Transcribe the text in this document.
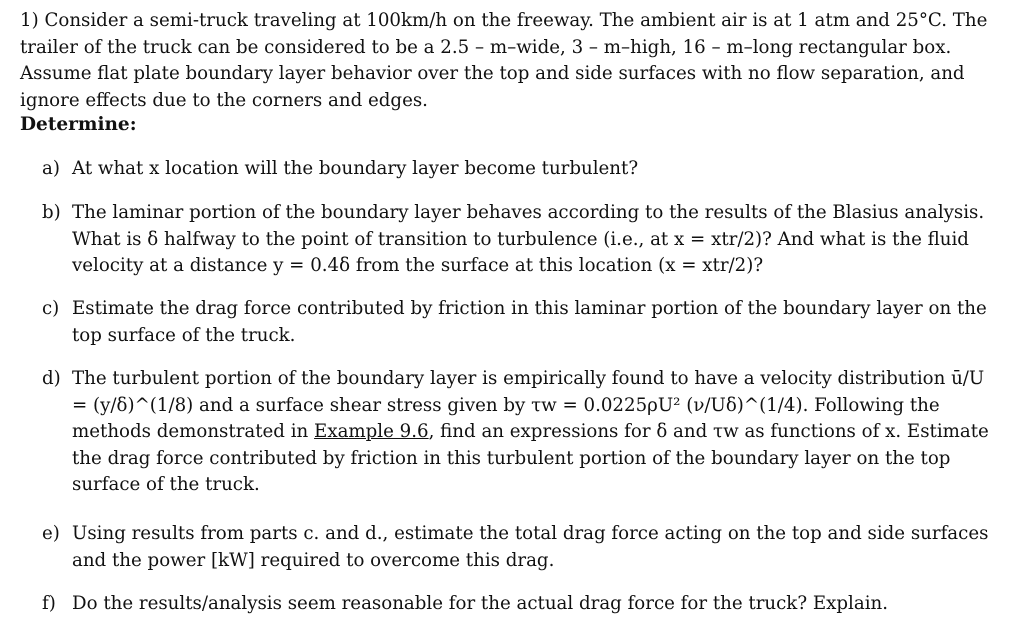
1) Consider a semi-truck traveling at 100km/h on the freeway. The ambient air is at 1 atm and 25°C. The trailer of the truck can be considered to be a 2.5 – m–wide, 3 – m–high, 16 – m–long rectangular box. Assume flat plate boundary layer behavior over the top and side surfaces with no flow separation, and ignore effects due to the corners and edges.

Determine:
a) At what x location will the boundary layer become turbulent?
b) The laminar portion of the boundary layer behaves according to the results of the Blasius analysis. What is δ halfway to the point of transition to turbulence (i.e., at x = xtr/2)? And what is the fluid velocity at a distance y = 0.4δ from the surface at this location (x = xtr/2)?
c) Estimate the drag force contributed by friction in this laminar portion of the boundary layer on the top surface of the truck.
d) The turbulent portion of the boundary layer is empirically found to have a velocity distribution ū/U = (y/δ)^(1/8) and a surface shear stress given by τw = 0.0225ρU² (ν/Uδ)^(1/4). Following the methods demonstrated in Example 9.6, find an expressions for δ and τw as functions of x. Estimate the drag force contributed by friction in this turbulent portion of the boundary layer on the top surface of the truck.
e) Using results from parts c. and d., estimate the total drag force acting on the top and side surfaces and the power [kW] required to overcome this drag.
f) Do the results/analysis seem reasonable for the actual drag force for the truck? Explain.
